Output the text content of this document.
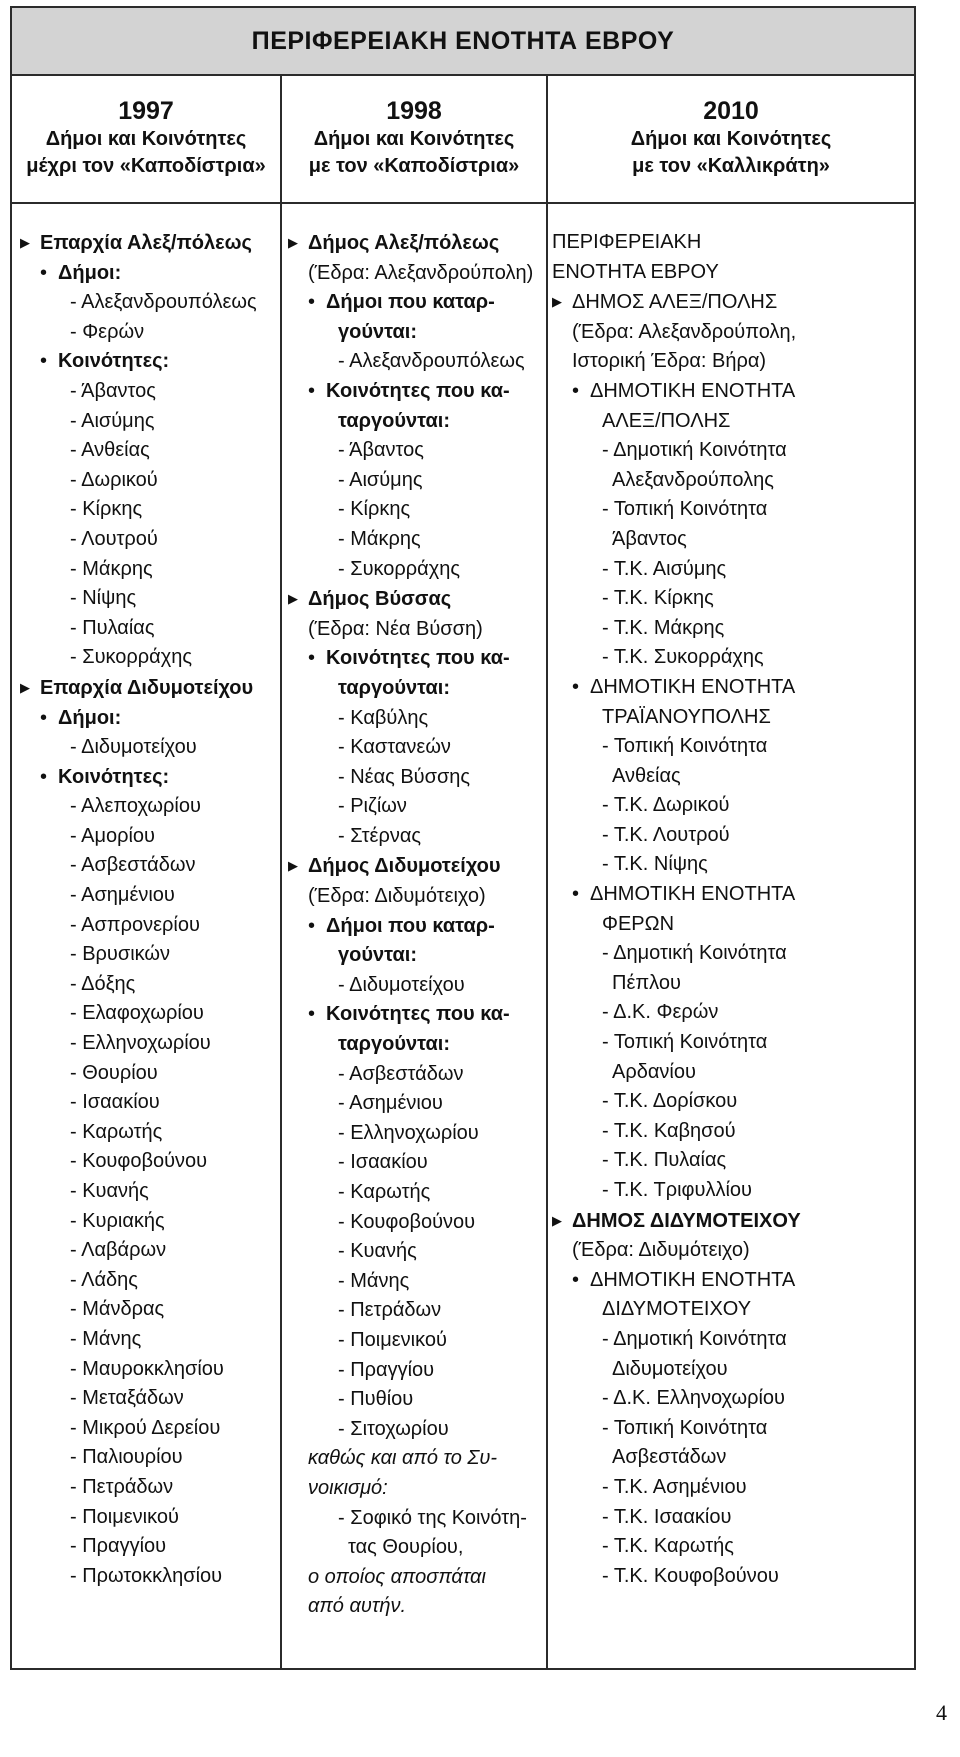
ΠΕΡΙΦΕΡΕΙΑΚΗ ΕΝΟΤΗΤΑ ΕΒΡΟΥ
1997
Δήμοι και Κοινότητες
μέχρι τον «Καποδίστρια»
1998
Δήμοι και Κοινότητες
με τον «Καποδίστρια»
2010
Δήμοι και Κοινότητες
με τον «Καλλικράτη»
▶ Επαρχία Αλεξ/πόλεως
• Δήμοι:
- Αλεξανδρουπόλεως
- Φερών
• Κοινότητες:
- Άβαντος
- Αισύμης
- Ανθείας
- Δωρικού
- Κίρκης
- Λουτρού
- Μάκρης
- Νίψης
- Πυλαίας
- Συκορράχης
▶ Επαρχία Διδυμοτείχου
• Δήμοι:
- Διδυμοτείχου
• Κοινότητες:
- Αλεποχωρίου
- Αμορίου
- Ασβεστάδων
- Ασημένιου
- Ασπρονερίου
- Βρυσικών
- Δόξης
- Ελαφοχωρίου
- Ελληνοχωρίου
- Θουρίου
- Ισαακίου
- Καρωτής
- Κουφοβούνου
- Κυανής
- Κυριακής
- Λαβάρων
- Λάδης
- Μάνδρας
- Μάνης
- Μαυροκκλησίου
- Μεταξάδων
- Μικρού Δερείου
- Παλιουρίου
- Πετράδων
- Ποιμενικού
- Πραγγίου
- Πρωτοκκλησίου
▶ Δήμος Αλεξ/πόλεως
(Έδρα: Αλεξανδρούπολη)
• Δήμοι που καταρ-
γούνται:
- Αλεξανδρουπόλεως
• Κοινότητες που κα-
ταργούνται:
- Άβαντος
- Αισύμης
- Κίρκης
- Μάκρης
- Συκορράχης
▶ Δήμος Βύσσας
(Έδρα: Νέα Βύσση)
• Κοινότητες που κα-
ταργούνται:
- Καβύλης
- Καστανεών
- Νέας Βύσσης
- Ριζίων
- Στέρνας
▶ Δήμος Διδυμοτείχου
(Έδρα: Διδυμότειχο)
• Δήμοι που καταρ-
γούνται:
- Διδυμοτείχου
• Κοινότητες που κα-
ταργούνται:
- Ασβεστάδων
- Ασημένιου
- Ελληνοχωρίου
- Ισαακίου
- Καρωτής
- Κουφοβούνου
- Κυανής
- Μάνης
- Πετράδων
- Ποιμενικού
- Πραγγίου
- Πυθίου
- Σιτοχωρίου
καθώς και από το Συ-
νοικισμό:
- Σοφικό της Κοινότη-
τας Θουρίου,
ο οποίος αποσπάται
από αυτήν.
ΠΕΡΙΦΕΡΕΙΑΚΗ
ΕΝΟΤΗΤΑ ΕΒΡΟΥ
▶ ΔΗΜΟΣ ΑΛΕΞ/ΠΟΛΗΣ
(Έδρα: Αλεξανδρούπολη,
Ιστορική Έδρα: Βήρα)
• ΔΗΜΟΤΙΚΗ ΕΝΟΤΗΤΑ
ΑΛΕΞ/ΠΟΛΗΣ
- Δημοτική Κοινότητα
Αλεξανδρούπολης
- Τοπική Κοινότητα
Άβαντος
- Τ.Κ. Αισύμης
- Τ.Κ. Κίρκης
- Τ.Κ. Μάκρης
- Τ.Κ. Συκορράχης
• ΔΗΜΟΤΙΚΗ ΕΝΟΤΗΤΑ
ΤΡΑΪΑΝΟΥΠΟΛΗΣ
- Τοπική Κοινότητα
Ανθείας
- Τ.Κ. Δωρικού
- Τ.Κ. Λουτρού
- Τ.Κ. Νίψης
• ΔΗΜΟΤΙΚΗ ΕΝΟΤΗΤΑ
ΦΕΡΩΝ
- Δημοτική Κοινότητα
Πέπλου
- Δ.Κ. Φερών
- Τοπική Κοινότητα
Αρδανίου
- Τ.Κ. Δορίσκου
- Τ.Κ. Καβησού
- Τ.Κ. Πυλαίας
- Τ.Κ. Τριφυλλίου
▶ ΔΗΜΟΣ ΔΙΔΥΜΟΤΕΙΧΟΥ
(Έδρα: Διδυμότειχο)
• ΔΗΜΟΤΙΚΗ ΕΝΟΤΗΤΑ
ΔΙΔΥΜΟΤΕΙΧΟΥ
- Δημοτική Κοινότητα
Διδυμοτείχου
- Δ.Κ. Ελληνοχωρίου
- Τοπική Κοινότητα
Ασβεστάδων
- Τ.Κ. Ασημένιου
- Τ.Κ. Ισαακίου
- Τ.Κ. Καρωτής
- Τ.Κ. Κουφοβούνου
4
